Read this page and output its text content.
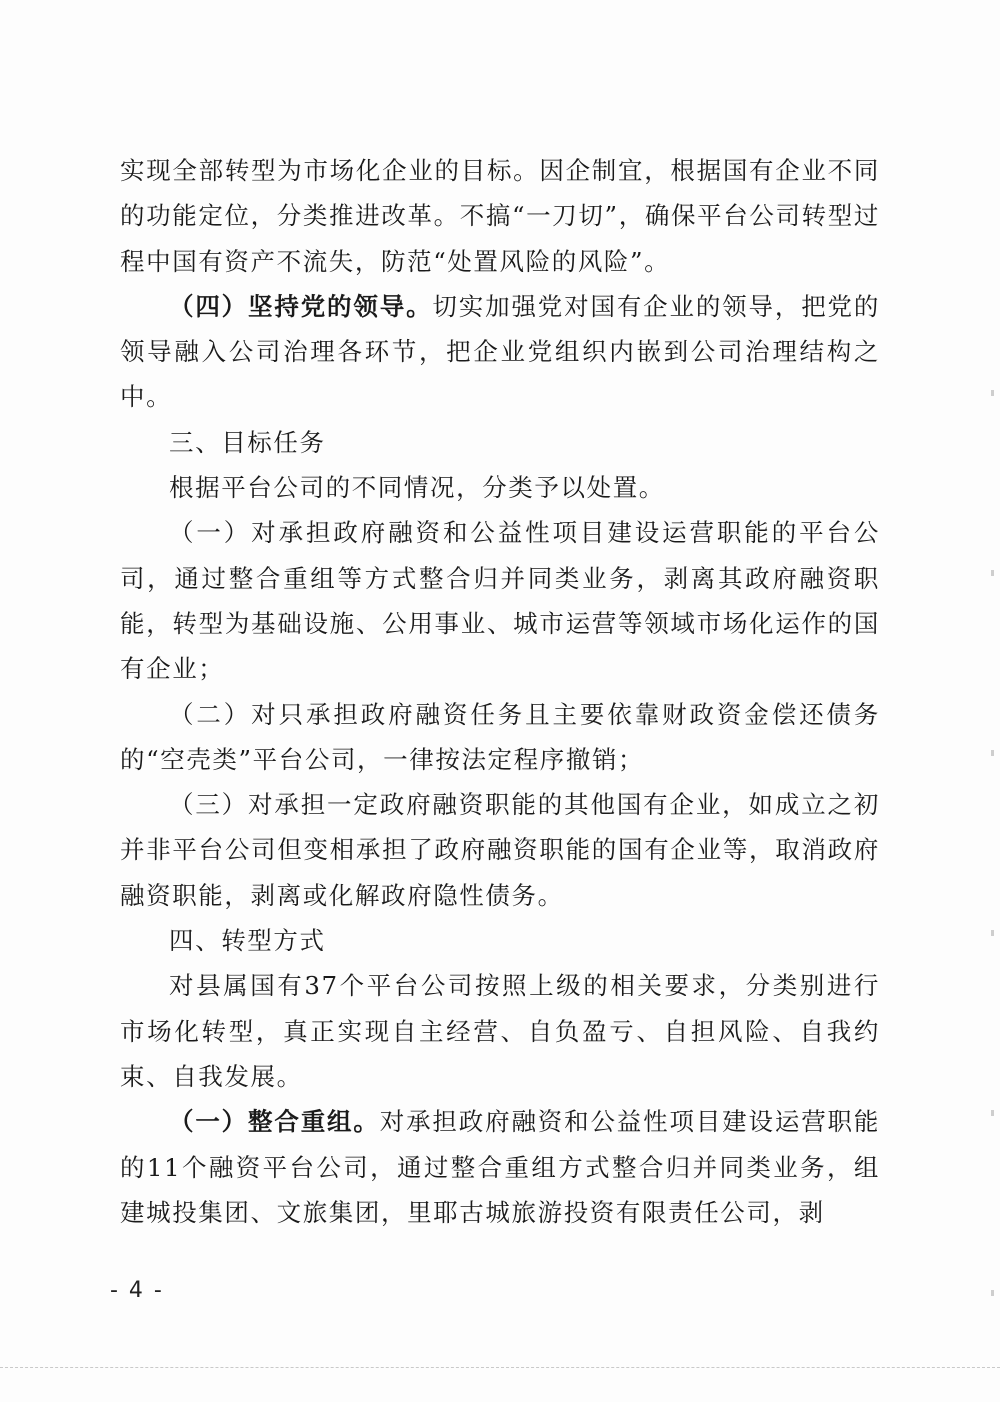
实现全部转型为市场化企业的目标。因企制宜，根据国有企业不同的功能定位，分类推进改革。不搞“一刀切”，确保平台公司转型过程中国有资产不流失，防范“处置风险的风险”。

（四）坚持党的领导。切实加强党对国有企业的领导，把党的领导融入公司治理各环节，把企业党组织内嵌到公司治理结构之中。

三、目标任务

根据平台公司的不同情况，分类予以处置。

（一）对承担政府融资和公益性项目建设运营职能的平台公司，通过整合重组等方式整合归并同类业务，剥离其政府融资职能，转型为基础设施、公用事业、城市运营等领域市场化运作的国有企业；

（二）对只承担政府融资任务且主要依靠财政资金偿还债务的“空壳类”平台公司，一律按法定程序撤销；

（三）对承担一定政府融资职能的其他国有企业，如成立之初并非平台公司但变相承担了政府融资职能的国有企业等，取消政府融资职能，剥离或化解政府隐性债务。

四、转型方式

对县属国有37个平台公司按照上级的相关要求，分类别进行市场化转型，真正实现自主经营、自负盈亏、自担风险、自我约束、自我发展。

（一）整合重组。对承担政府融资和公益性项目建设运营职能的11个融资平台公司，通过整合重组方式整合归并同类业务，组建城投集团、文旅集团，里耶古城旅游投资有限责任公司，剥

- 4 -
